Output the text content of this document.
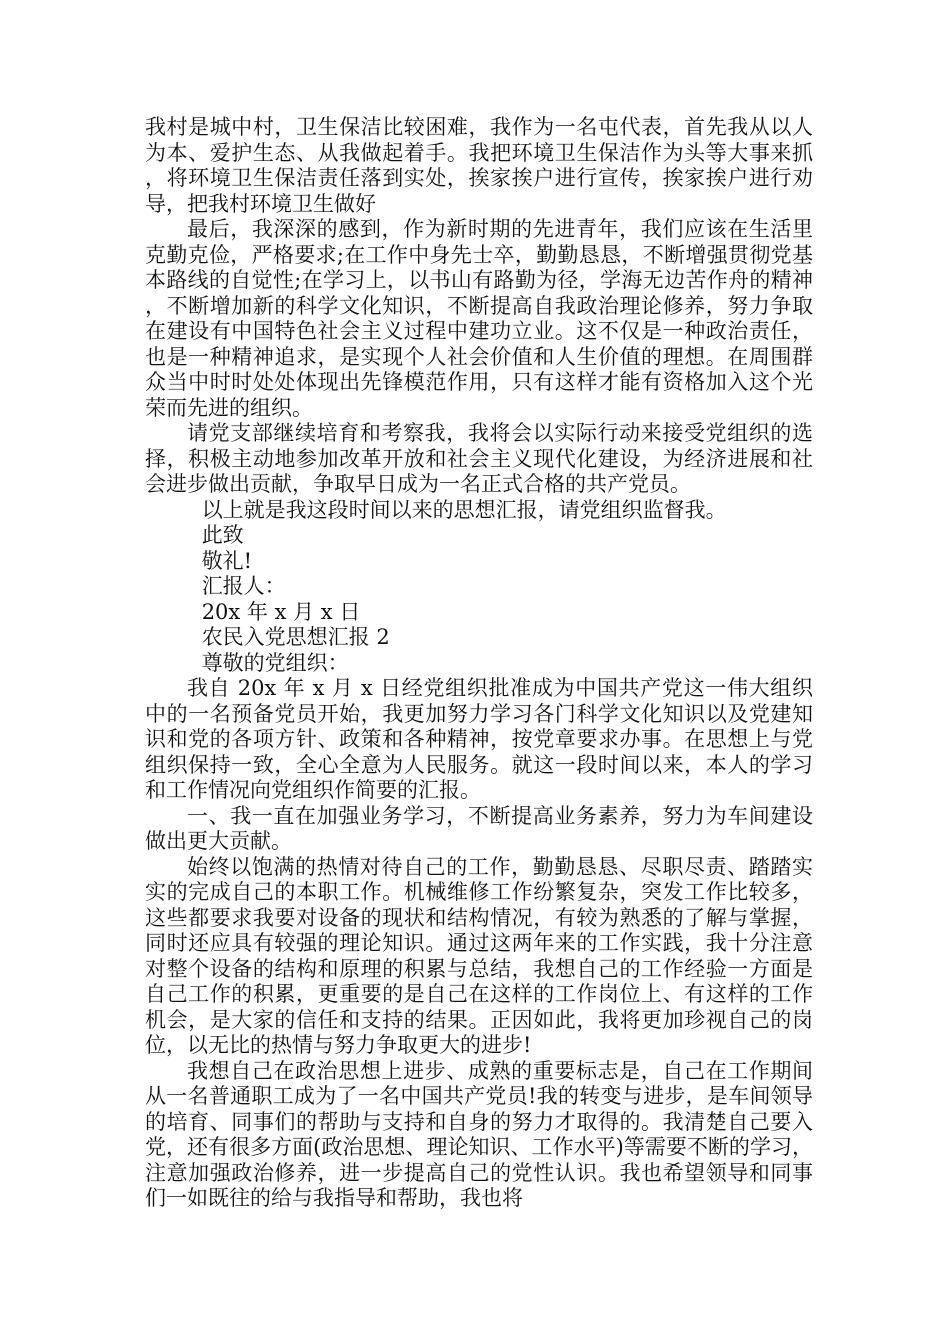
我村是城中村，卫生保洁比较困难，我作为一名屯代表，首先我从以人为本、爱护生态、从我做起着手。我把环境卫生保洁作为头等大事来抓，将环境卫生保洁责任落到实处，挨家挨户进行宣传，挨家挨户进行劝导，把我村环境卫生做好

最后，我深深的感到，作为新时期的先进青年，我们应该在生活里克勤克俭，严格要求;在工作中身先士卒，勤勤恳恳，不断增强贯彻党基本路线的自觉性;在学习上，以书山有路勤为径，学海无边苦作舟的精神，不断增加新的科学文化知识，不断提高自我政治理论修养，努力争取在建设有中国特色社会主义过程中建功立业。这不仅是一种政治责任，也是一种精神追求，是实现个人社会价值和人生价值的理想。在周围群众当中时时处处体现出先锋模范作用，只有这样才能有资格加入这个光荣而先进的组织。

请党支部继续培育和考察我，我将会以实际行动来接受党组织的选择，积极主动地参加改革开放和社会主义现代化建设，为经济进展和社会进步做出贡献，争取早日成为一名正式合格的共产党员。

以上就是我这段时间以来的思想汇报，请党组织监督我。

此致

敬礼!

汇报人：

20x 年 x 月 x 日

农民入党思想汇报 2

尊敬的党组织：

我自 20x 年 x 月 x 日经党组织批准成为中国共产党这一伟大组织中的一名预备党员开始，我更加努力学习各门科学文化知识以及党建知识和党的各项方针、政策和各种精神，按党章要求办事。在思想上与党组织保持一致，全心全意为人民服务。就这一段时间以来，本人的学习和工作情况向党组织作简要的汇报。

一、我一直在加强业务学习，不断提高业务素养，努力为车间建设做出更大贡献。

始终以饱满的热情对待自己的工作，勤勤恳恳、尽职尽责、踏踏实实的完成自己的本职工作。机械维修工作纷繁复杂，突发工作比较多，这些都要求我要对设备的现状和结构情况，有较为熟悉的了解与掌握，同时还应具有较强的理论知识。通过这两年来的工作实践，我十分注意对整个设备的结构和原理的积累与总结，我想自己的工作经验一方面是自己工作的积累，更重要的是自己在这样的工作岗位上、有这样的工作机会，是大家的信任和支持的结果。正因如此，我将更加珍视自己的岗位，以无比的热情与努力争取更大的进步!

我想自己在政治思想上进步、成熟的重要标志是，自己在工作期间从一名普通职工成为了一名中国共产党员!我的转变与进步，是车间领导的培育、同事们的帮助与支持和自身的努力才取得的。我清楚自己要入党，还有很多方面(政治思想、理论知识、工作水平)等需要不断的学习，注意加强政治修养，进一步提高自己的党性认识。我也希望领导和同事们一如既往的给与我指导和帮助，我也将
